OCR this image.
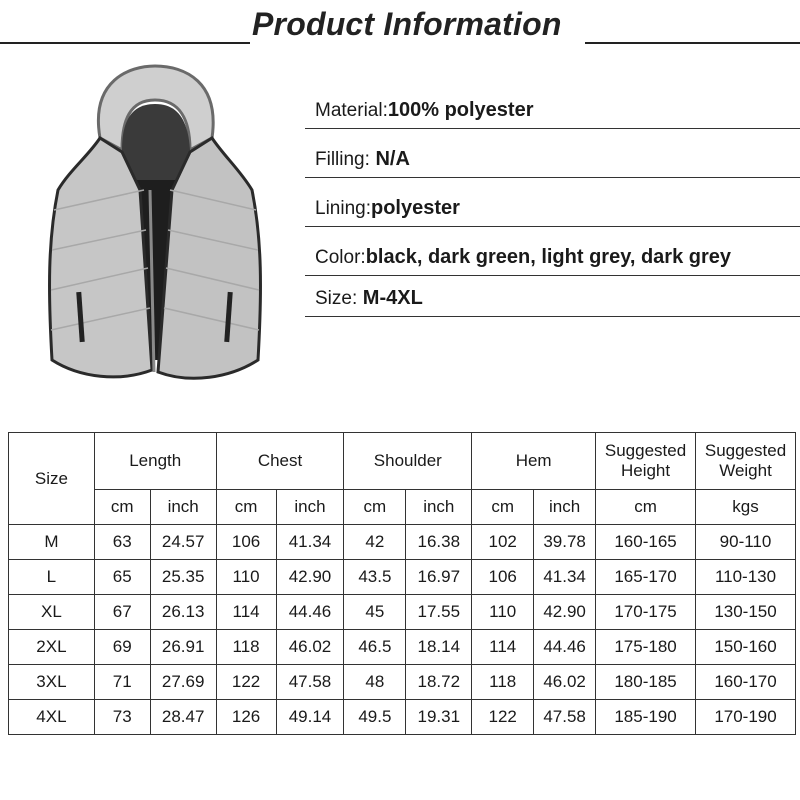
Product Information
Material:100% polyester
Filling: N/A
Lining:polyester
Color:black, dark green, light grey, dark grey
Size: M-4XL
Size	Length		Chest		Shoulder		Hem		Suggested Height	Suggested Weight
	cm	inch	cm	inch	cm	inch	cm	inch	cm	kgs
M	63	24.57	106	41.34	42	16.38	102	39.78	160-165	90-110
L	65	25.35	110	42.90	43.5	16.97	106	41.34	165-170	110-130
XL	67	26.13	114	44.46	45	17.55	110	42.90	170-175	130-150
2XL	69	26.91	118	46.02	46.5	18.14	114	44.46	175-180	150-160
3XL	71	27.69	122	47.58	48	18.72	118	46.02	180-185	160-170
4XL	73	28.47	126	49.14	49.5	19.31	122	47.58	185-190	170-190
